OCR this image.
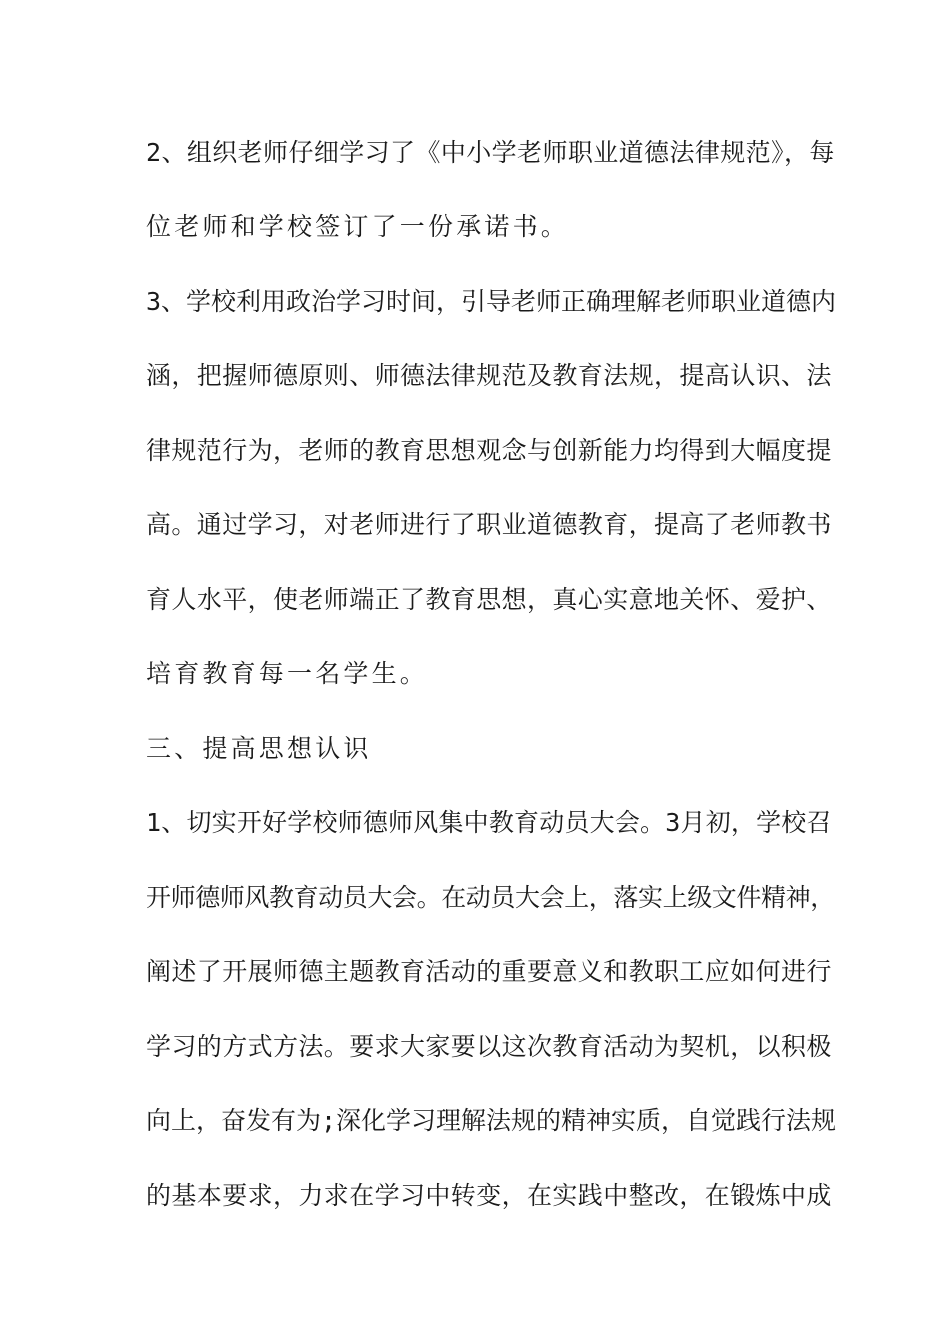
2、组织老师仔细学习了《中小学老师职业道德法律规范》，每
位老师和学校签订了一份承诺书。
3、学校利用政治学习时间，引导老师正确理解老师职业道德内
涵，把握师德原则、师德法律规范及教育法规，提高认识、法
律规范行为，老师的教育思想观念与创新能力均得到大幅度提
高。通过学习，对老师进行了职业道德教育，提高了老师教书
育人水平，使老师端正了教育思想，真心实意地关怀、爱护、
培育教育每一名学生。
三、提高思想认识
1、切实开好学校师德师风集中教育动员大会。3月初，学校召
开师德师风教育动员大会。在动员大会上，落实上级文件精神，
阐述了开展师德主题教育活动的重要意义和教职工应如何进行
学习的方式方法。要求大家要以这次教育活动为契机，以积极
向上，奋发有为;深化学习理解法规的精神实质，自觉践行法规
的基本要求，力求在学习中转变，在实践中整改，在锻炼中成
